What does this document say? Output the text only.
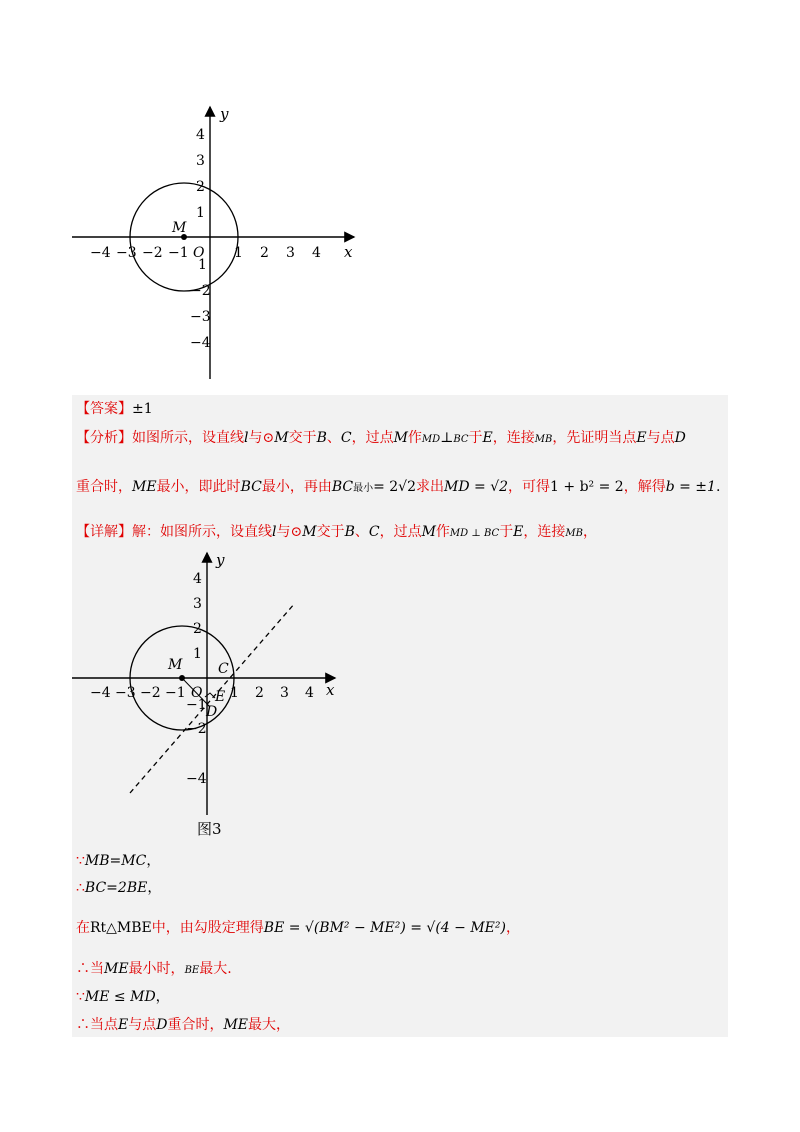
−4 −3 −2 −1	1 2 3 4
4
3
2
1
1
−2
−3
−4
x
y
O
M
【答案】±1
【分析】如图所示，设直线l与⊙M交于B、C，过点M作MD⊥BC于E，连接MB，先证明当点E与点D
重合时，ME最小，即此时BC最小，再由BC最小= 2√2求出MD = √2，可得1 + b² = 2，解得b = ±1.
【详解】解：如图所示，设直线l与⊙M交于B、C，过点M作MD ⊥ BC于E，连接MB，
−4 −3 −2 −1	1 2 3 4
4
3
2
1
−1
−2
−4
x
y
O
M	C
E
D
图3
∵MB=MC，
∴BC=2BE，
在Rt△MBE中，由勾股定理得BE = √(BM² − ME²) = √(4 − ME²)，
∴当ME最小时，BE最大.
∵ME ≤ MD，
∴当点E与点D重合时，ME最大，
